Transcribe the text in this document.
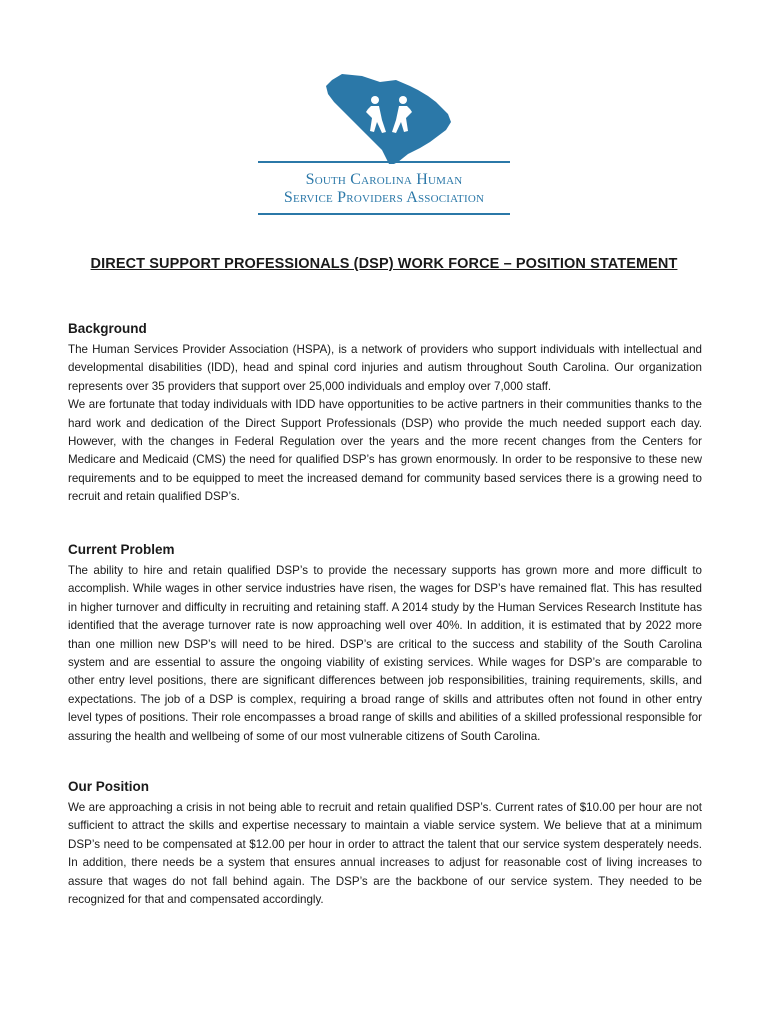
South Carolina Human
Service Providers Association
DIRECT SUPPORT PROFESSIONALS (DSP) WORK FORCE – POSITION STATEMENT
Background

The Human Services Provider Association (HSPA), is a network of providers who support individuals with intellectual and developmental disabilities (IDD), head and spinal cord injuries and autism throughout South Carolina. Our organization represents over 35 providers that support over 25,000 individuals and employ over 7,000 staff.

We are fortunate that today individuals with IDD have opportunities to be active partners in their communities thanks to the hard work and dedication of the Direct Support Professionals (DSP) who provide the much needed support each day. However, with the changes in Federal Regulation over the years and the more recent changes from the Centers for Medicare and Medicaid (CMS) the need for qualified DSP’s has grown enormously. In order to be responsive to these new requirements and to be equipped to meet the increased demand for community based services there is a growing need to recruit and retain qualified DSP’s.

Current Problem

The ability to hire and retain qualified DSP’s to provide the necessary supports has grown more and more difficult to accomplish. While wages in other service industries have risen, the wages for DSP’s have remained flat. This has resulted in higher turnover and difficulty in recruiting and retaining staff. A 2014 study by the Human Services Research Institute has identified that the average turnover rate is now approaching well over 40%. In addition, it is estimated that by 2022 more than one million new DSP’s will need to be hired. DSP’s are critical to the success and stability of the South Carolina system and are essential to assure the ongoing viability of existing services. While wages for DSP’s are comparable to other entry level positions, there are significant differences between job responsibilities, training requirements, skills, and expectations. The job of a DSP is complex, requiring a broad range of skills and attributes often not found in other entry level types of positions. Their role encompasses a broad range of skills and abilities of a skilled professional responsible for assuring the health and wellbeing of some of our most vulnerable citizens of South Carolina.

Our Position

We are approaching a crisis in not being able to recruit and retain qualified DSP’s. Current rates of $10.00 per hour are not sufficient to attract the skills and expertise necessary to maintain a viable service system. We believe that at a minimum DSP’s need to be compensated at $12.00 per hour in order to attract the talent that our service system desperately needs. In addition, there needs be a system that ensures annual increases to adjust for reasonable cost of living increases to assure that wages do not fall behind again. The DSP’s are the backbone of our service system. They needed to be recognized for that and compensated accordingly.
